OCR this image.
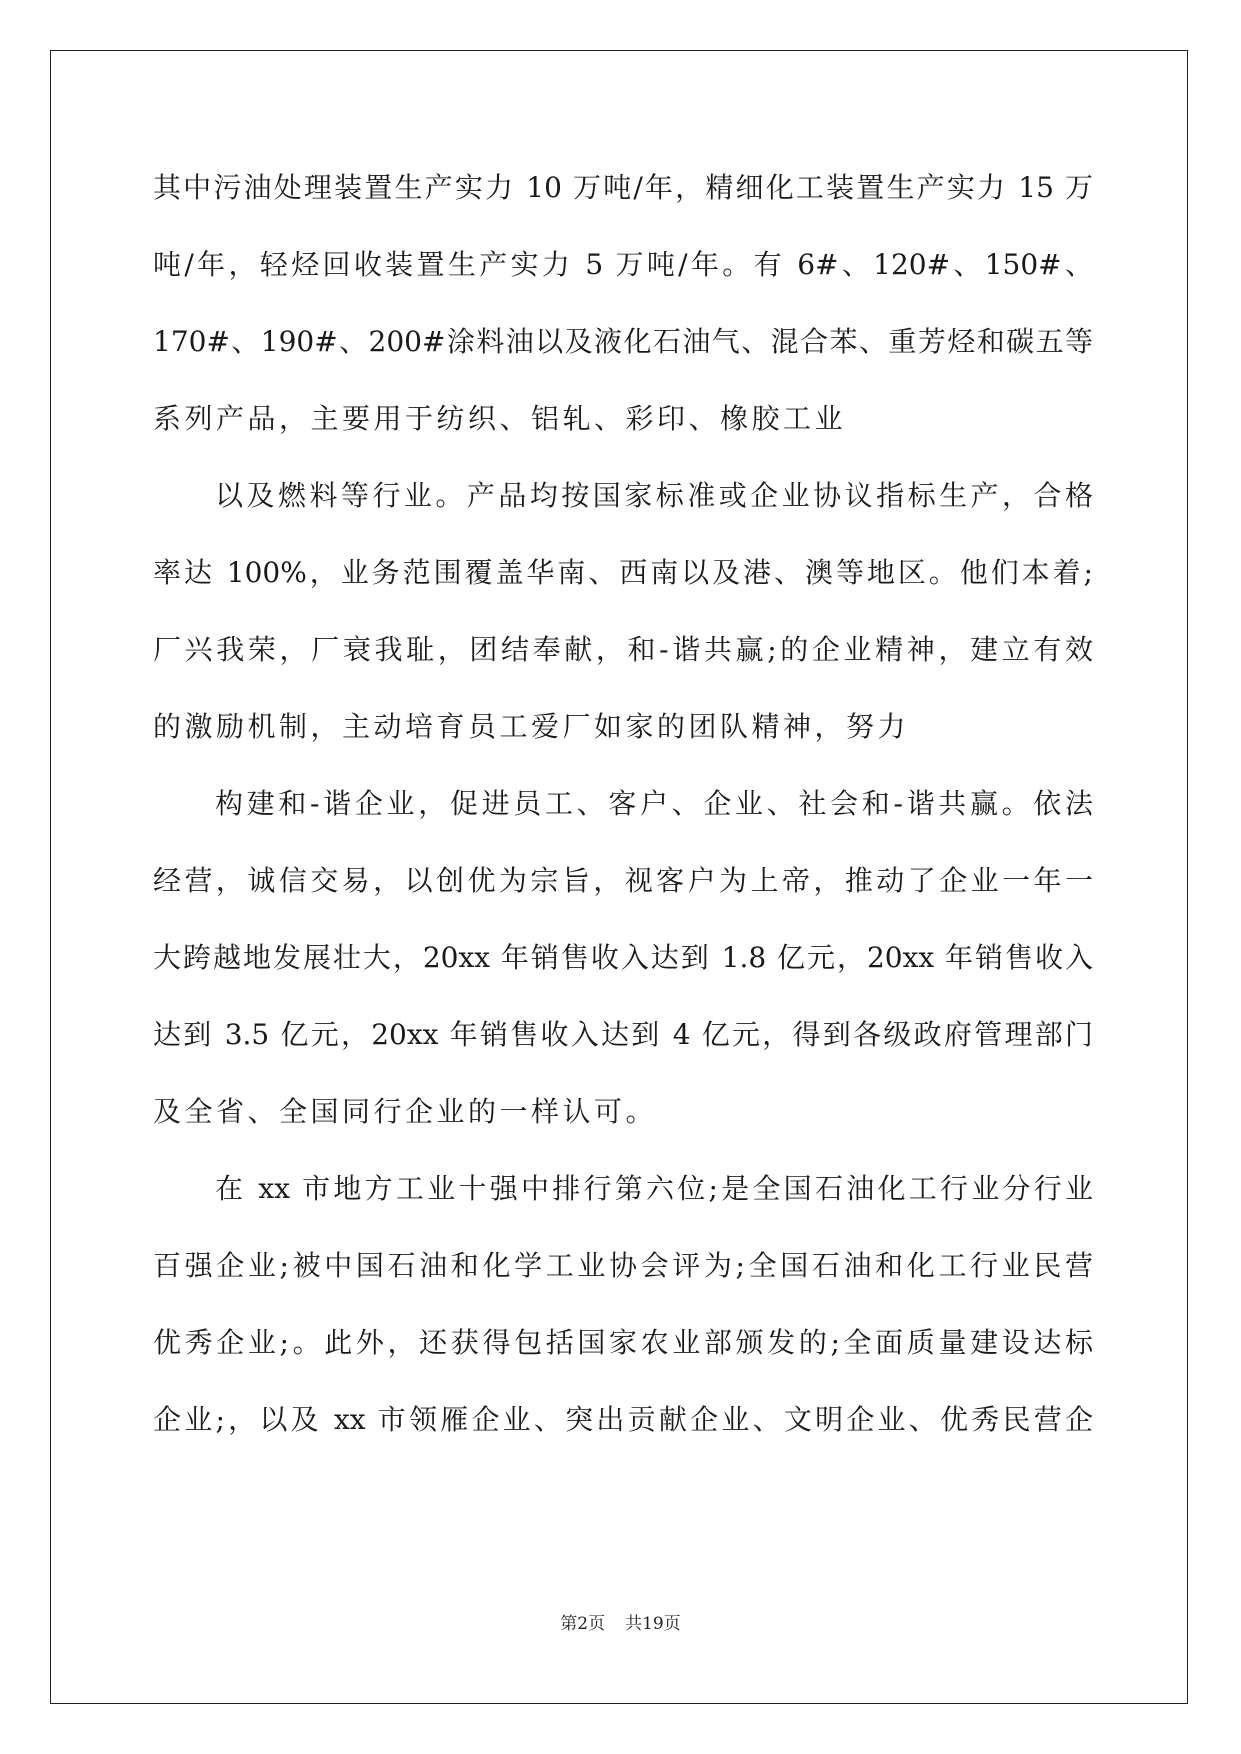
其中污油处理装置生产实力 10 万吨/年，精细化工装置生产实力 15 万
吨/年，轻烃回收装置生产实力 5 万吨/年。有 6#、120#、150#、
170#、190#、200#涂料油以及液化石油气、混合苯、重芳烃和碳五等
系列产品，主要用于纺织、铝轧、彩印、橡胶工业
以及燃料等行业。产品均按国家标准或企业协议指标生产，合格
率达 100%，业务范围覆盖华南、西南以及港、澳等地区。他们本着;
厂兴我荣，厂衰我耻，团结奉献，和-谐共赢;的企业精神，建立有效
的激励机制，主动培育员工爱厂如家的团队精神，努力
构建和-谐企业，促进员工、客户、企业、社会和-谐共赢。依法
经营，诚信交易，以创优为宗旨，视客户为上帝，推动了企业一年一
大跨越地发展壮大，20xx 年销售收入达到 1.8 亿元，20xx 年销售收入
达到 3.5 亿元，20xx 年销售收入达到 4 亿元，得到各级政府管理部门
及全省、全国同行企业的一样认可。
在 xx 市地方工业十强中排行第六位;是全国石油化工行业分行业
百强企业;被中国石油和化学工业协会评为;全国石油和化工行业民营
优秀企业;。此外，还获得包括国家农业部颁发的;全面质量建设达标
企业;，以及 xx 市领雁企业、突出贡献企业、文明企业、优秀民营企
第2页 共19页
